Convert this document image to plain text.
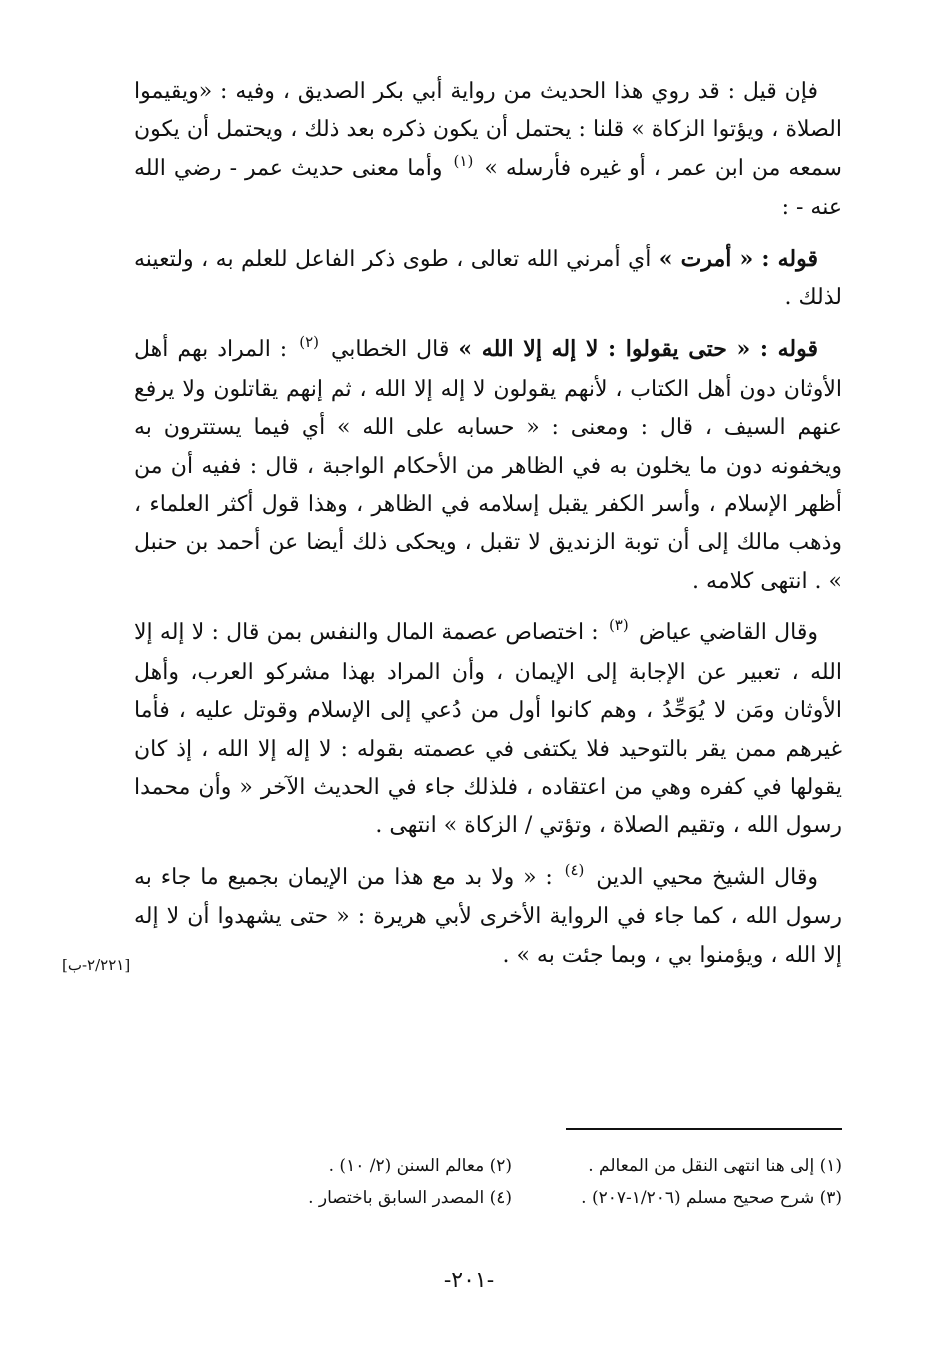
فإن قيل : قد روي هذا الحديث من رواية أبي بكر الصديق ، وفيه : «ويقيموا الصلاة ، ويؤتوا الزكاة » قلنا : يحتمل أن يكون ذكره بعد ذلك ، ويحتمل أن يكون سمعه من ابن عمر ، أو غيره فأرسله » $^{(١)}$ وأما معنى حديث عمر - رضي الله عنه - :

قوله : « أمرت » أي أمرني الله تعالى ، طوى ذكر الفاعل للعلم به ، ولتعينه لذلك .

قوله : « حتى يقولوا : لا إله إلا الله » قال الخطابي $^{(٢)}$ : المراد بهم أهل الأوثان دون أهل الكتاب ، لأنهم يقولون لا إله إلا الله ، ثم إنهم يقاتلون ولا يرفع عنهم السيف ، قال : ومعنى : « حسابه على الله » أي فيما يستترون به ويخفونه دون ما يخلون به في الظاهر من الأحكام الواجبة ، قال : ففيه أن من أظهر الإسلام ، وأسر الكفر يقبل إسلامه في الظاهر ، وهذا قول أكثر العلماء ، وذهب مالك إلى أن توبة الزنديق لا تقبل ، ويحكى ذلك أيضا عن أحمد بن حنبل » . انتهى كلامه .

وقال القاضي عياض $^{(٣)}$ : اختصاص عصمة المال والنفس بمن قال : لا إله إلا الله ، تعبير عن الإجابة إلى الإيمان ، وأن المراد بهذا مشركو العرب، وأهل الأوثان ومَن لا يُوَحِّدُ ، وهم كانوا أول من دُعي إلى الإسلام وقوتل عليه ، فأما غيرهم ممن يقر بالتوحيد فلا يكتفى في عصمته بقوله : لا إله إلا الله ، إذ كان يقولها في كفره وهي من اعتقاده ، فلذلك جاء في الحديث الآخر « وأن محمدا رسول الله ، وتقيم الصلاة ، وتؤتي / الزكاة » انتهى .

وقال الشيخ محيي الدين $^{(٤)}$ : « ولا بد مع هذا من الإيمان بجميع ما جاء به رسول الله ، كما جاء في الرواية الأخرى لأبي هريرة : « حتى يشهدوا أن لا إله إلا الله ، ويؤمنوا بي ، وبما جئت به » .

[٢/٢٢١-ب]
(١) إلى هنا انتهى النقل من المعالم .
(٢) معالم السنن (٢/ ١٠) .
(٣) شرح صحيح مسلم (١/٢٠٦-٢٠٧) .
(٤) المصدر السابق باختصار .
-٢٠١-
